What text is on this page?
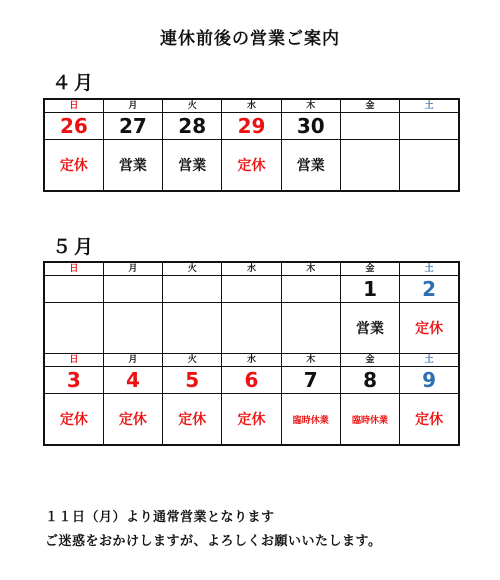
連休前後の営業ご案内
４月
日	月	火	水	木	金	土
26	27	28	29	30		
定休	営業	営業	定休	営業		
５月
日	月	火	水	木	金	土
					1	2
					営業	定休
日	月	火	水	木	金	土
3	4	5	6	7	8	9
定休	定休	定休	定休	臨時休業	臨時休業	定休
１１日（月）より通常営業となります
ご迷惑をおかけしますが、よろしくお願いいたします。
